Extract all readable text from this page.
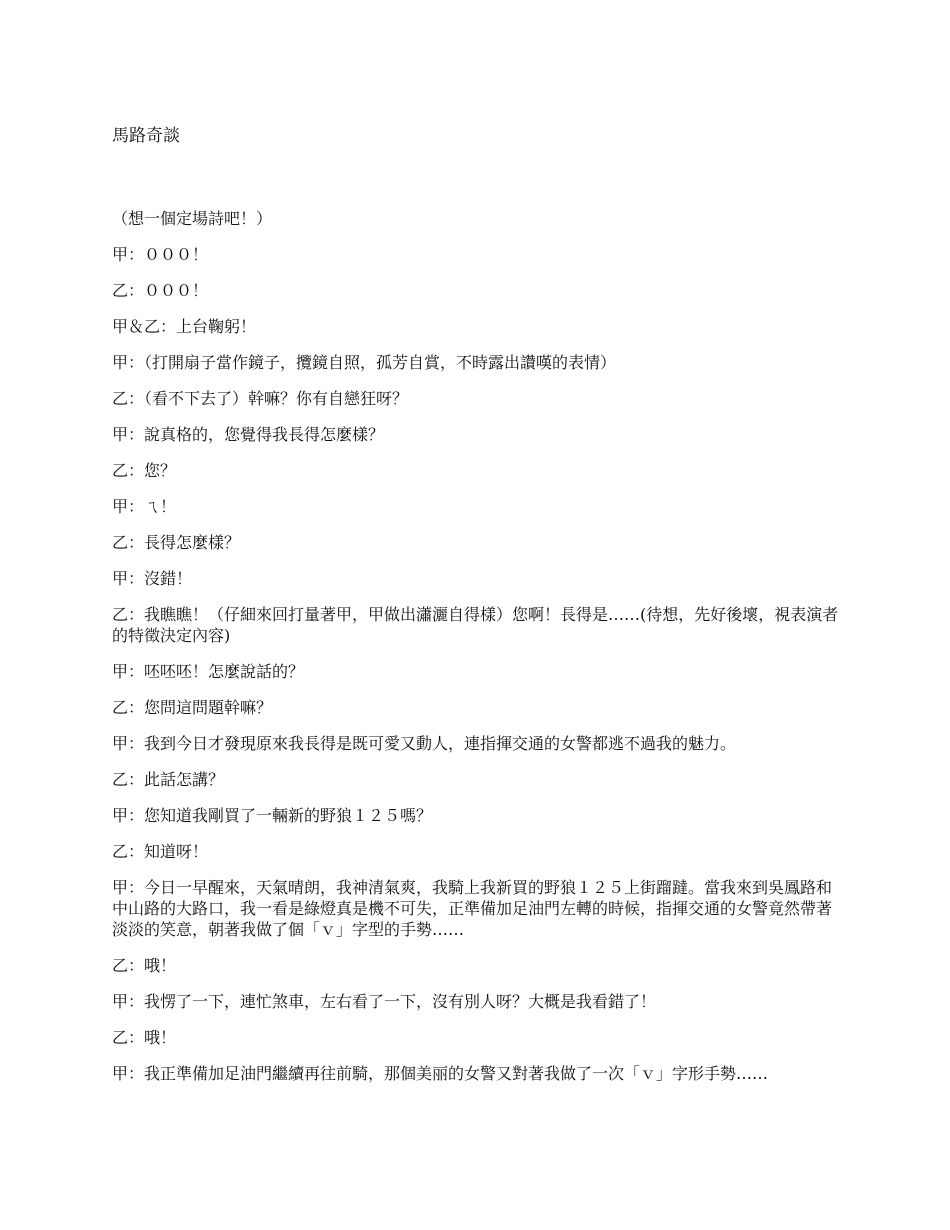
馬路奇談

（想一個定場詩吧！）

甲：０００！

乙：０００！

甲＆乙：上台鞠躬！

甲：（打開扇子當作鏡子，攬鏡自照，孤芳自賞，不時露出讚嘆的表情）

乙：（看不下去了）幹嘛？你有自戀狂呀？

甲：說真格的，您覺得我長得怎麼樣？

乙：您？

甲：ㄟ！

乙：長得怎麼樣？

甲：沒錯！

乙：我瞧瞧！（仔細來回打量著甲，甲做出瀟灑自得樣）您啊！長得是……(待想，先好後壞，視表演者的特徵決定內容)

甲：呸呸呸！怎麼說話的？

乙：您問這問題幹嘛？

甲：我到今日才發現原來我長得是既可愛又動人，連指揮交通的女警都逃不過我的魅力。

乙：此話怎講？

甲：您知道我剛買了一輛新的野狼１２５嗎？

乙：知道呀！

甲：今日一早醒來，天氣晴朗，我神清氣爽，我騎上我新買的野狼１２５上街蹓躂。當我來到吳鳳路和中山路的大路口，我一看是綠燈真是機不可失，正準備加足油門左轉的時候，指揮交通的女警竟然帶著淡淡的笑意，朝著我做了個「ｖ」字型的手勢……

乙：哦！

甲：我愣了一下，連忙煞車，左右看了一下，沒有別人呀？大概是我看錯了！

乙：哦！

甲：我正準備加足油門繼續再往前騎，那個美丽的女警又對著我做了一次「ｖ」字形手勢……
